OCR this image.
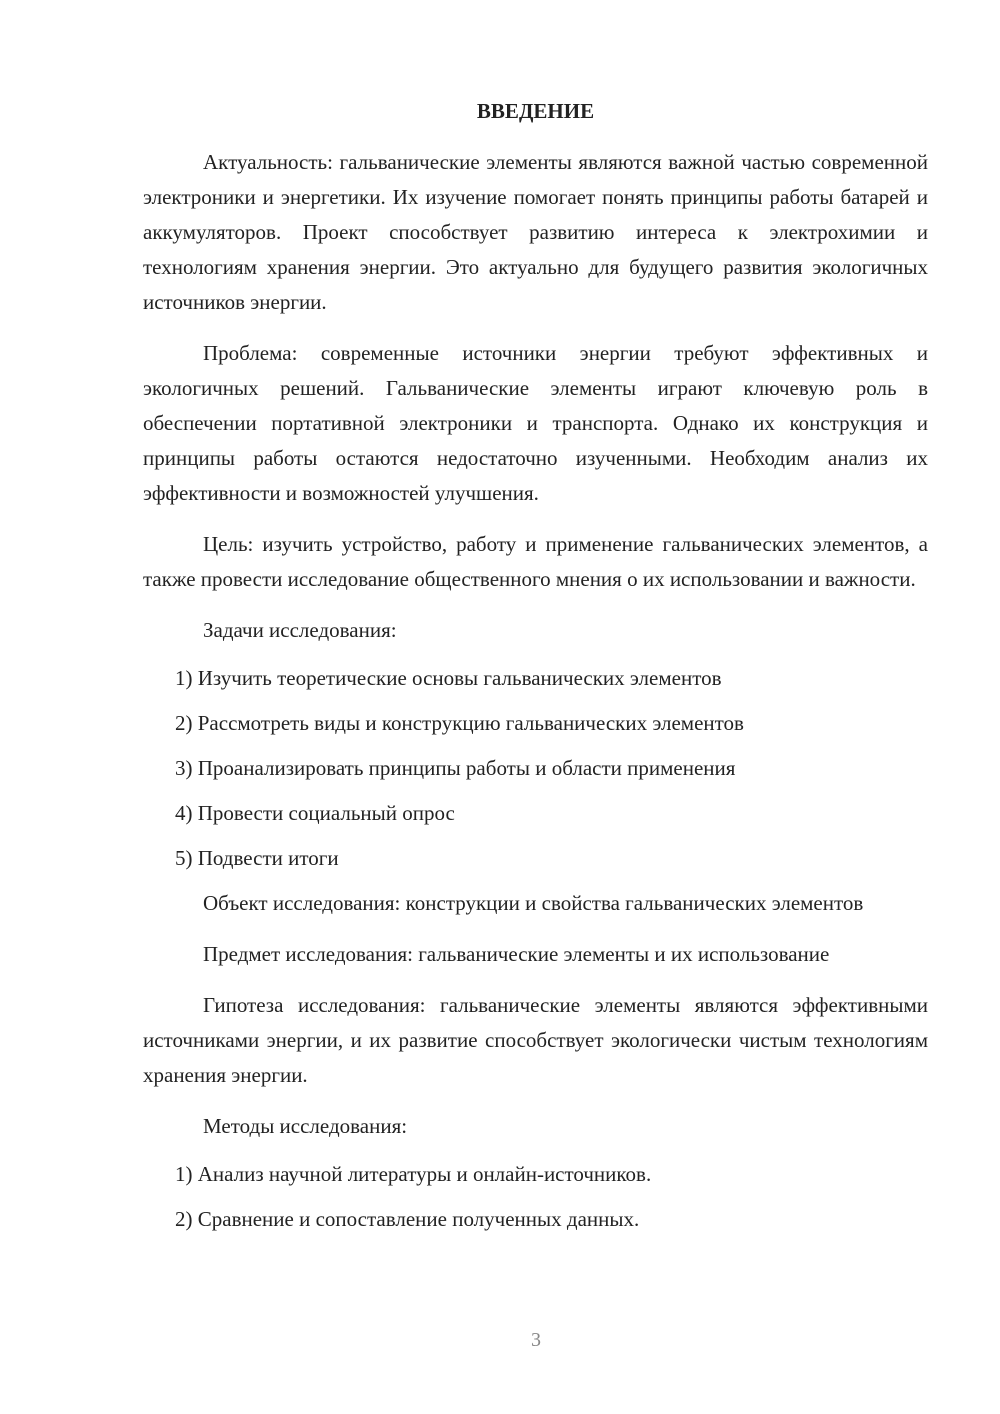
ВВЕДЕНИЕ

Актуальность: гальванические элементы являются важной частью современной электроники и энергетики. Их изучение помогает понять принципы работы батарей и аккумуляторов. Проект способствует развитию интереса к электрохимии и технологиям хранения энергии. Это актуально для будущего развития экологичных источников энергии.

Проблема: современные источники энергии требуют эффективных и экологичных решений. Гальванические элементы играют ключевую роль в обеспечении портативной электроники и транспорта. Однако их конструкция и принципы работы остаются недостаточно изученными. Необходим анализ их эффективности и возможностей улучшения.

Цель: изучить устройство, работу и применение гальванических элементов, а также провести исследование общественного мнения о их использовании и важности.

Задачи исследования:

1) Изучить теоретические основы гальванических элементов
2) Рассмотреть виды и конструкцию гальванических элементов
3) Проанализировать принципы работы и области применения
4) Провести социальный опрос
5) Подвести итоги

Объект исследования: конструкции и свойства гальванических элементов

Предмет исследования: гальванические элементы и их использование

Гипотеза исследования: гальванические элементы являются эффективными источниками энергии, и их развитие способствует экологически чистым технологиям хранения энергии.

Методы исследования:

1) Анализ научной литературы и онлайн-источников.
2) Сравнение и сопоставление полученных данных.
3
